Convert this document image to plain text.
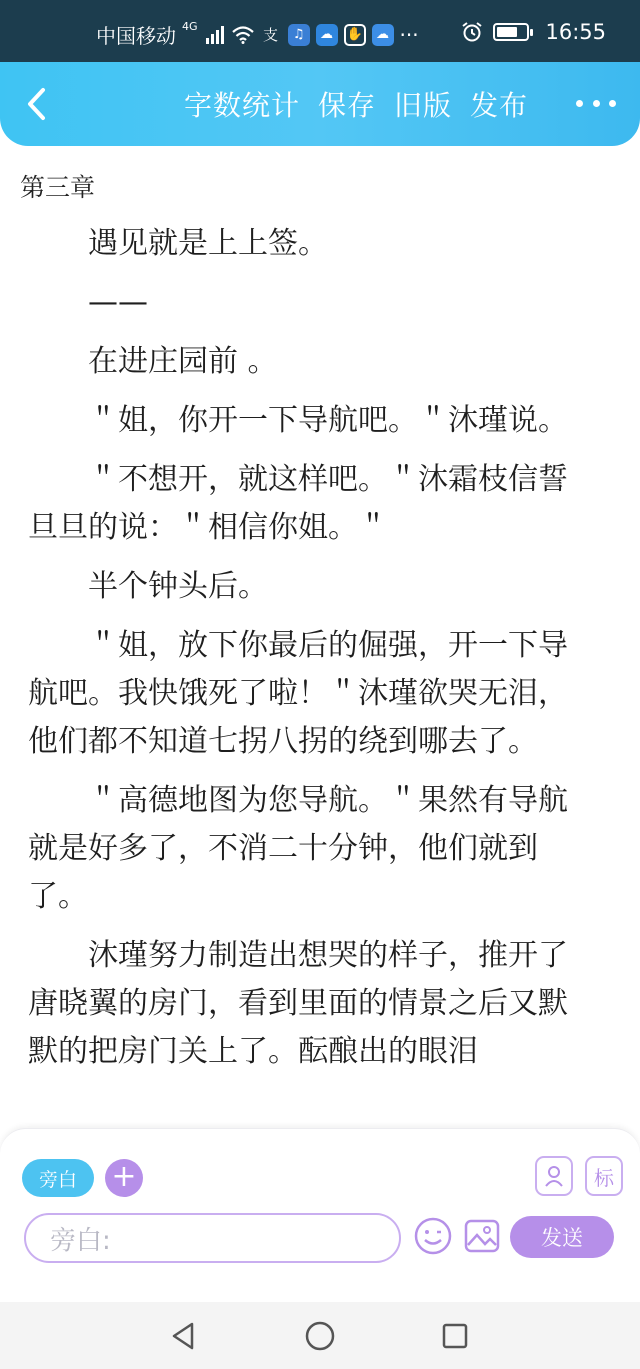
中国移动 4G	支	♫	☁	✋	☁ ···	16:55
字数统计 保存 旧版 发布
第三章

遇见就是上上签。

——

在进庄园前 。

＂姐，你开一下导航吧。＂沐瑾说。

＂不想开，就这样吧。＂沐霜枝信誓旦旦的说：＂相信你姐。＂

半个钟头后。

＂姐，放下你最后的倔强，开一下导航吧。我快饿死了啦！＂沐瑾欲哭无泪，他们都不知道七拐八拐的绕到哪去了。

＂高德地图为您导航。＂果然有导航就是好多了，不消二十分钟，他们就到了。

沐瑾努力制造出想哭的样子，推开了唐晓翼的房门，看到里面的情景之后又默默的把房门关上了。酝酿出的眼泪

旁白	+	标
旁白:	发送
